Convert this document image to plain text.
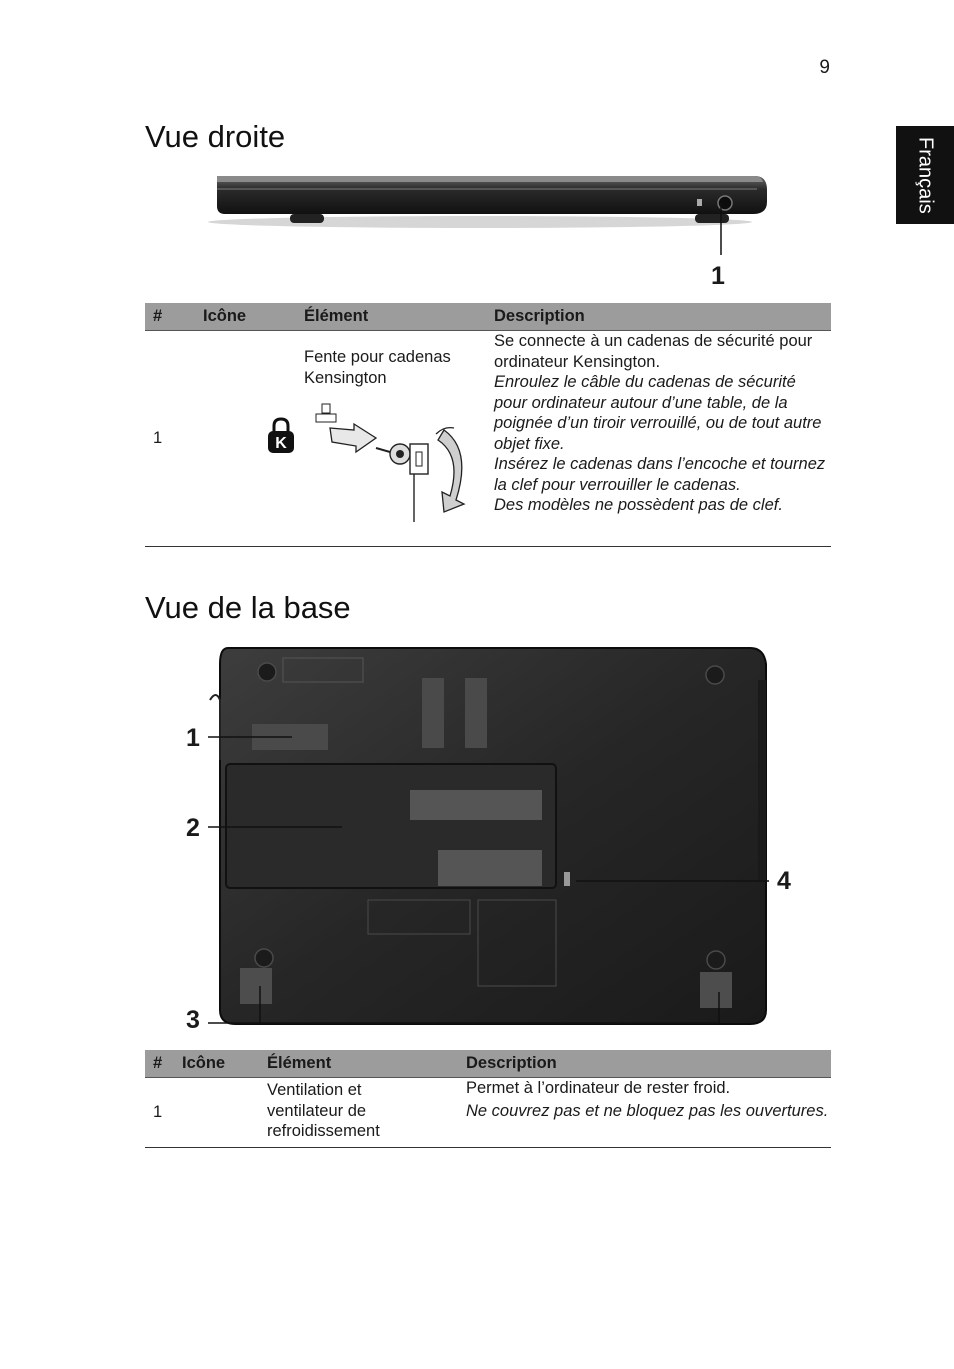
9
Français
Vue droite
1
#	Icône	Élément	Description
1	K	Fente pour cadenas Kensington	Se connecte à un cadenas de sécurité pour ordinateur Kensington.

Enroulez le câble du cadenas de sécurité pour ordinateur autour d’une table, de la poignée d’un tiroir verrouillé, ou de tout autre objet fixe.

Insérez le cadenas dans l’encoche et tournez la clef pour verrouiller le cadenas.

Des modèles ne possèdent pas de clef.

Vue de la base
1
2
3
4
#	Icône	Élément	Description
1		Ventilation et ventilateur de refroidissement	Permet à l’ordinateur de rester froid.

Ne couvrez pas et ne bloquez pas les ouvertures.
